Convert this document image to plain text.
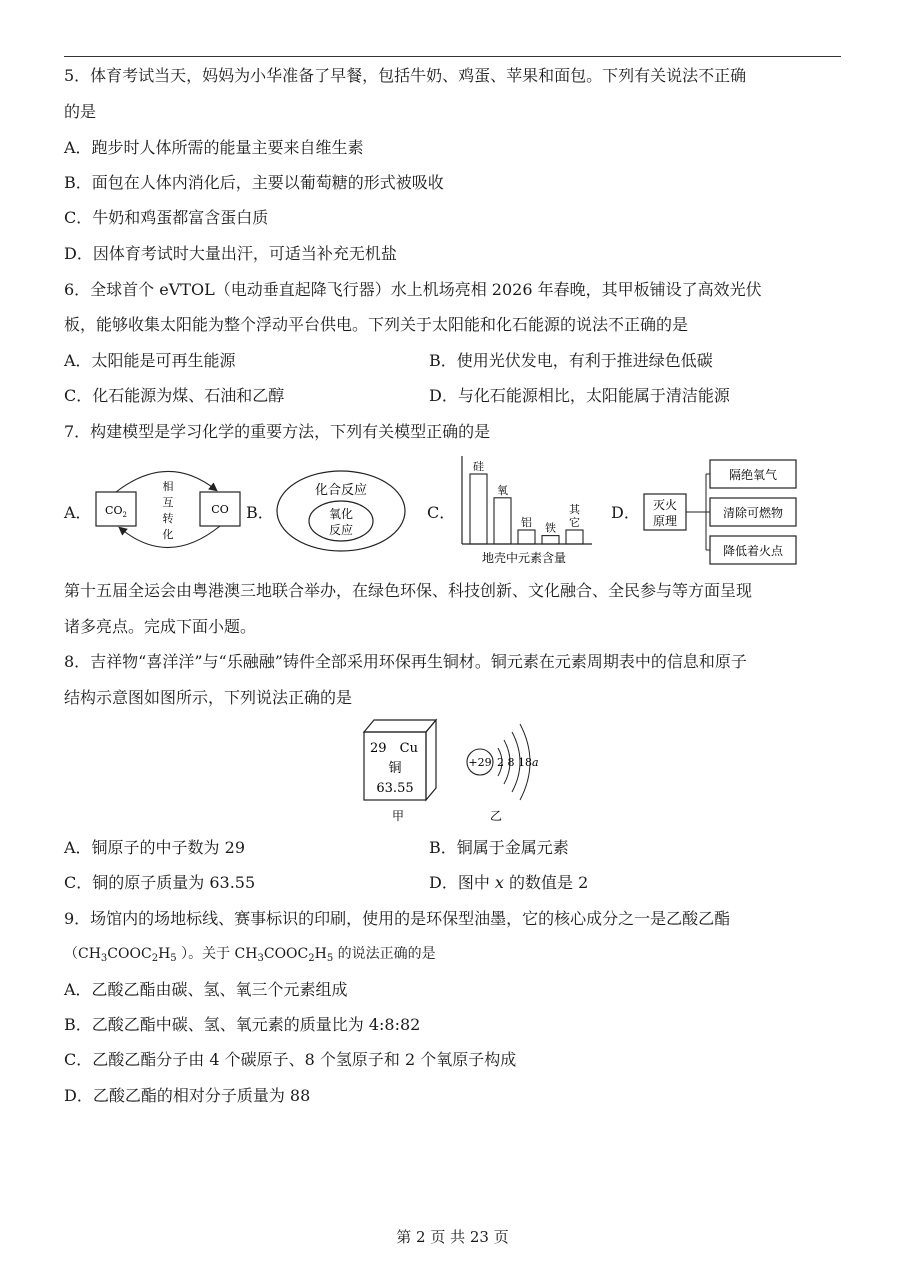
5．体育考试当天，妈妈为小华准备了早餐，包括牛奶、鸡蛋、苹果和面包。下列有关说法不正确
的是
A．跑步时人体所需的能量主要来自维生素
B．面包在人体内消化后，主要以葡萄糖的形式被吸收
C．牛奶和鸡蛋都富含蛋白质
D．因体育考试时大量出汗，可适当补充无机盐
6．全球首个 eVTOL（电动垂直起降飞行器）水上机场亮相 2026 年春晚，其甲板铺设了高效光伏
板，能够收集太阳能为整个浮动平台供电。下列关于太阳能和化石能源的说法不正确的是
A．太阳能是可再生能源	B．使用光伏发电，有利于推进绿色低碳
C．化石能源为煤、石油和乙醇	D．与化石能源相比，太阳能属于清洁能源
7．构建模型是学习化学的重要方法，下列有关模型正确的是
A． $CO_2$	CO
相
互
转
化
B．
化合反应
氧化
反应
C．
硅
氧
铝 铁
其
它
地壳中元素含量
D． 灭火
原理
隔绝氧气
清除可燃物
降低着火点
第十五届全运会由粤港澳三地联合举办，在绿色环保、科技创新、文化融合、全民参与等方面呈现
诸多亮点。完成下面小题。
8．吉祥物“喜洋洋”与“乐融融”铸件全部采用环保再生铜材。铜元素在元素周期表中的信息和原子
结构示意图如图所示，下列说法正确的是
29 Cu
铜
63.55
甲
+29 2 8 18 a
乙
A．铜原子的中子数为 29	B．铜属于金属元素
C．铜的原子质量为 63.55	D．图中 x 的数值是 2
9．场馆内的场地标线、赛事标识的印刷，使用的是环保型油墨，它的核心成分之一是乙酸乙酯
（$CH_3COOC_2H_5$ ）。关于 $CH_3COOC_2H_5$ 的说法正确的是
A．乙酸乙酯由碳、氢、氧三个元素组成
B．乙酸乙酯中碳、氢、氧元素的质量比为 4:8:82
C．乙酸乙酯分子由 4 个碳原子、8 个氢原子和 2 个氧原子构成
D．乙酸乙酯的相对分子质量为 88
第 2 页 共 23 页
